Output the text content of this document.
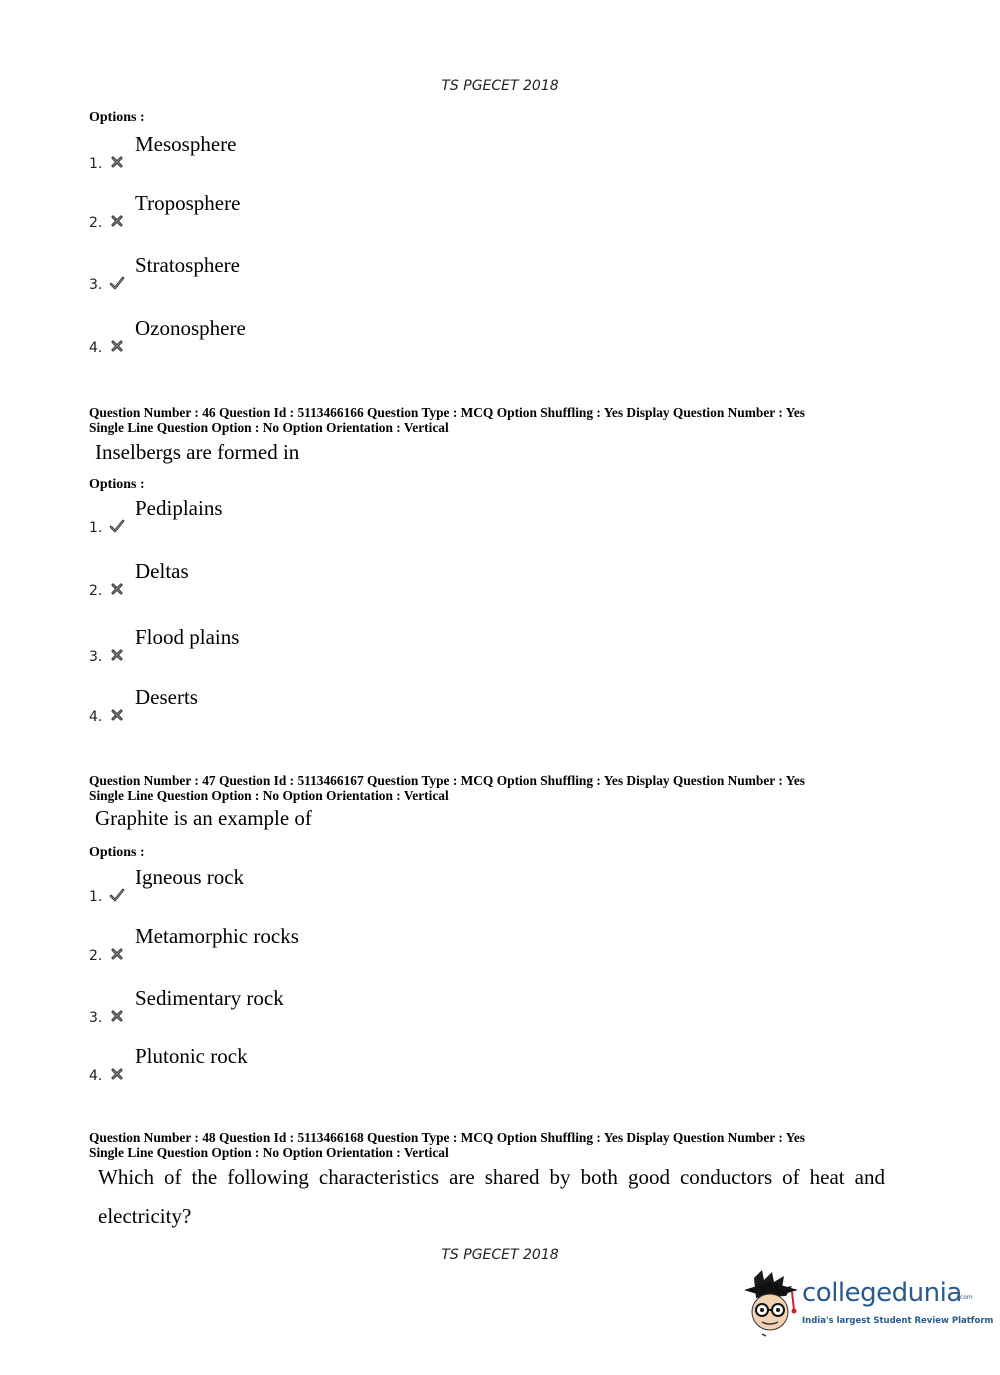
TS PGECET 2018
Options :
1.
Mesosphere
2.
Troposphere
3.
Stratosphere
4.
Ozonosphere
Question Number : 46 Question Id : 5113466166 Question Type : MCQ Option Shuffling : Yes Display Question Number : Yes
Single Line Question Option : No Option Orientation : Vertical
Inselbergs are formed in
Options :
1.
Pediplains
2.
Deltas
3.
Flood plains
4.
Deserts
Question Number : 47 Question Id : 5113466167 Question Type : MCQ Option Shuffling : Yes Display Question Number : Yes
Single Line Question Option : No Option Orientation : Vertical
Graphite is an example of
Options :
1.
Igneous rock
2.
Metamorphic rocks
3.
Sedimentary rock
4.
Plutonic rock
Question Number : 48 Question Id : 5113466168 Question Type : MCQ Option Shuffling : Yes Display Question Number : Yes
Single Line Question Option : No Option Orientation : Vertical
Which of the following characteristics are shared by both good conductors of heat and electricity?
TS PGECET 2018
collegedunia
.com
India's largest Student Review Platform
